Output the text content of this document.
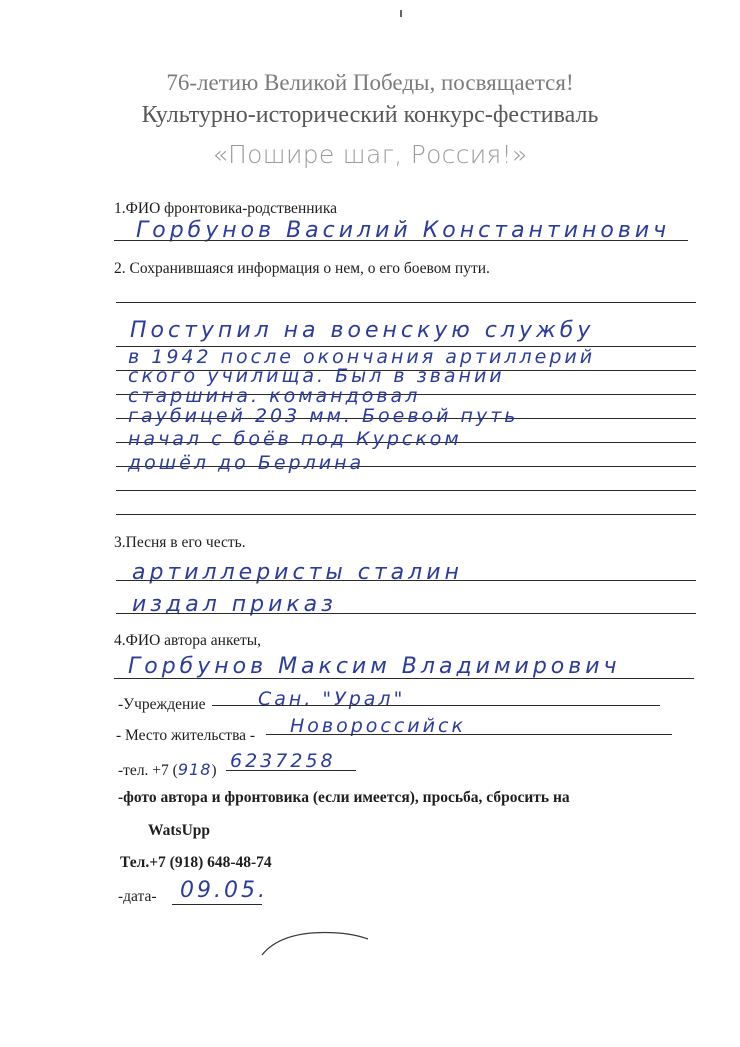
76-летию Великой Победы, посвящается!
Культурно-исторический конкурс-фестиваль
«Пошире шаг, Россия!»
1.ФИО фронтовика-родственника
Горбунов Василий Константинович
2. Сохранившаяся информация о нем, о его боевом пути.
Поступил на военскую службу
в 1942 после окончания артиллерий
ского училища. Был в звании
старшина. командовал
гаубицей 203 мм. Боевой путь
начал с боёв под Курском
дошёл до Берлина
3.Песня в его честь.
артиллеристы сталин
издал приказ
4.ФИО автора анкеты,
Горбунов Максим Владимирович
-Учреждение	Сан. "Урал"
- Место жительства - Новороссийск
-тел. +7 (918) 6237258
-фото автора и фронтовика (если имеется), просьба, сбросить на
WatsUpp
Тел.+7 (918) 648-48-74
-дата- 09.05.
